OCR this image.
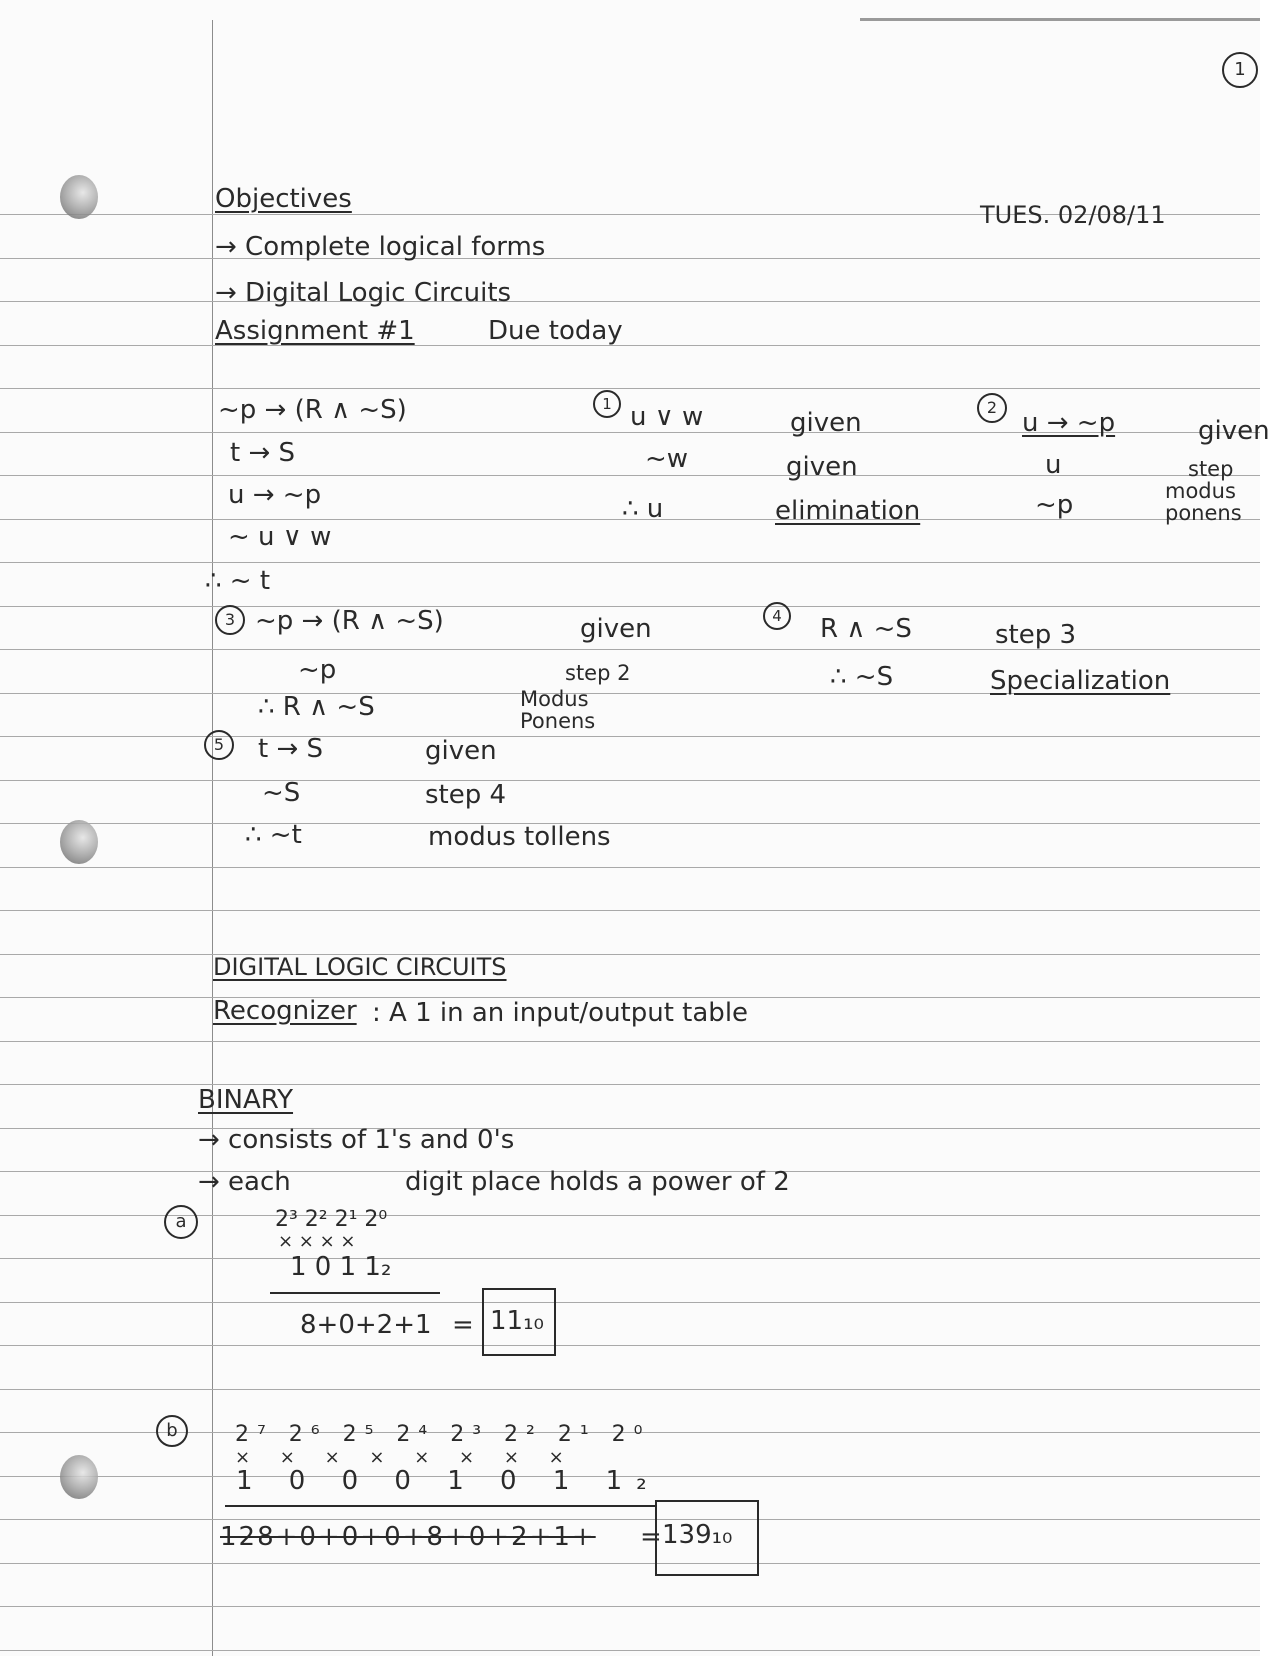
1
Objectives
TUES. 02/08/11
→ Complete logical forms
→ Digital Logic Circuits
Assignment #1	Due today
~p → (R ∧ ~S)
t → S
u → ~p
~ u ∨ w
∴ ~ t
1 u ∨ w	given
~w	given
∴ u	elimination
2
u → ~p	given
u	step
~p	modus ponens
3 ~p → (R ∧ ~S)	given
~p	step 2
∴ R ∧ ~S	Modus Ponens
4	R ∧ ~S	step 3
∴ ~S	Specialization
5	t → S	given
~S	step 4
∴ ~t	modus tollens
DIGITAL LOGIC CIRCUITS
Recognizer : A 1 in an input/output table
BINARY
→ consists of 1's and 0's
→ each	digit place holds a power of 2
a	2³ 2² 2¹ 2⁰
× × × ×
1 0 1 1₂
8+0+2+1 = 11₁₀
b	2⁷ 2⁶ 2⁵ 2⁴ 2³ 2² 2¹ 2⁰
× × × × × × × ×
1 0 0 0 1 0 1 1₂
128+0+0+0+8+0+2+1+ = 139₁₀
